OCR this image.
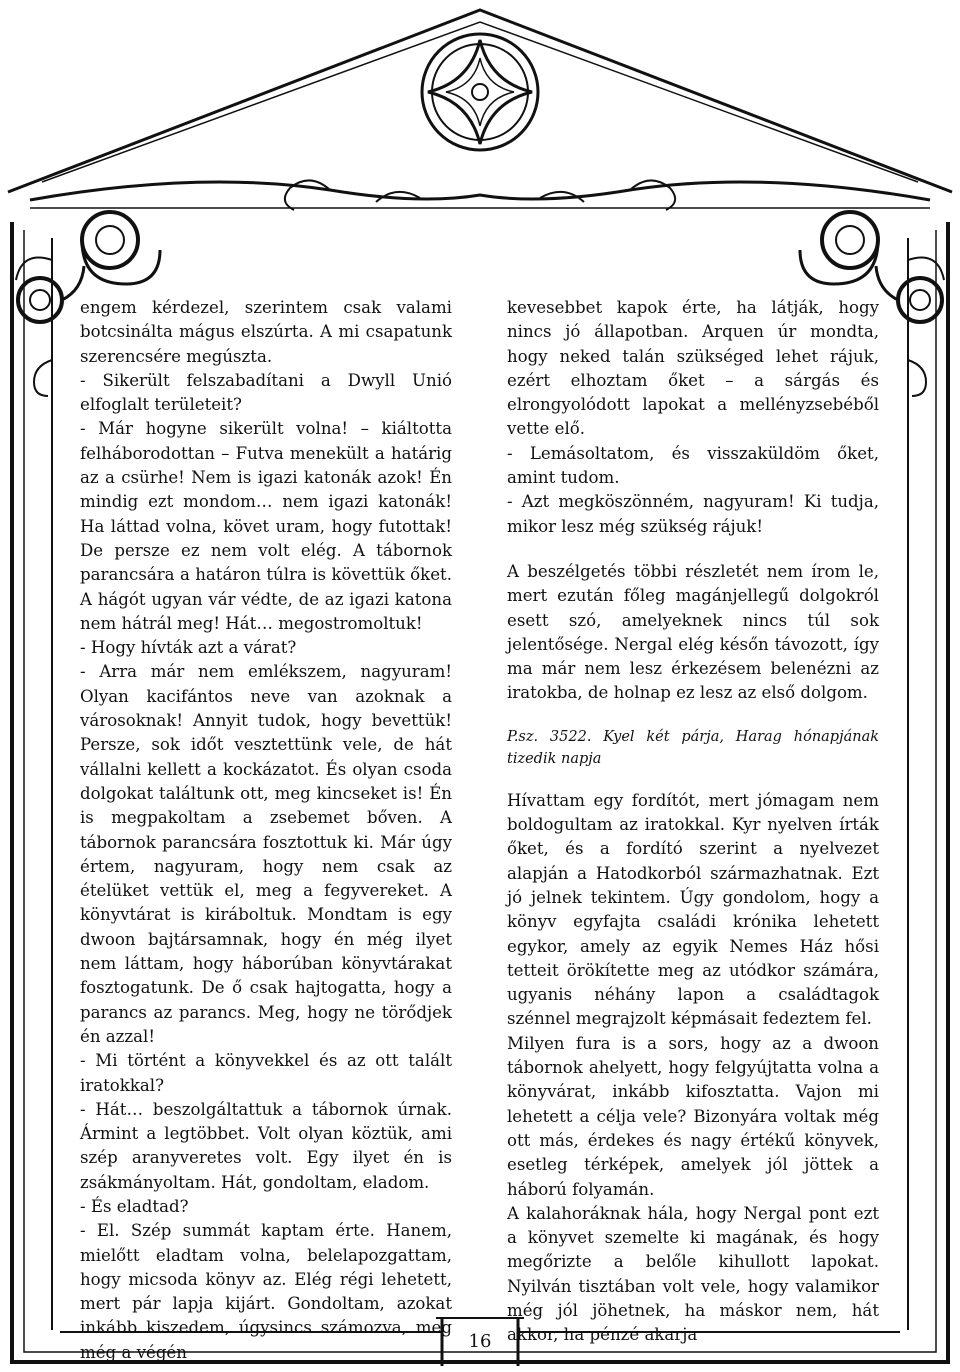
engem kérdezel, szerintem csak valami botcsinálta mágus elszúrta. A mi csapatunk szerencsére megúszta.

- Sikerült felszabadítani a Dwyll Unió elfoglalt területeit?

- Már hogyne sikerült volna! – kiáltotta felháborodottan – Futva menekült a határig az a csürhe! Nem is igazi katonák azok! Én mindig ezt mondom… nem igazi katonák! Ha láttad volna, követ uram, hogy futottak! De persze ez nem volt elég. A tábornok parancsára a határon túlra is követtük őket. A hágót ugyan vár védte, de az igazi katona nem hátrál meg! Hát… megostromoltuk!

- Hogy hívták azt a várat?

- Arra már nem emlékszem, nagyuram! Olyan kacifántos neve van azoknak a városoknak! Annyit tudok, hogy bevettük! Persze, sok időt vesztettünk vele, de hát vállalni kellett a kockázatot. És olyan csoda dolgokat találtunk ott, meg kincseket is! Én is megpakoltam a zsebemet bőven. A tábornok parancsára fosztottuk ki. Már úgy értem, nagyuram, hogy nem csak az ételüket vettük el, meg a fegyvereket. A könyvtárat is kiráboltuk. Mondtam is egy dwoon bajtársamnak, hogy én még ilyet nem láttam, hogy háborúban könyvtárakat fosztogatunk. De ő csak hajtogatta, hogy a parancs az parancs. Meg, hogy ne törődjek én azzal!

- Mi történt a könyvekkel és az ott talált iratokkal?

- Hát… beszolgáltattuk a tábornok úrnak. Ármint a legtöbbet. Volt olyan köztük, ami szép aranyveretes volt. Egy ilyet én is zsákmányoltam. Hát, gondoltam, eladom.

- És eladtad?

- El. Szép summát kaptam érte. Hanem, mielőtt eladtam volna, belelapozgattam, hogy micsoda könyv az. Elég régi lehetett, mert pár lapja kijárt. Gondoltam, azokat inkább kiszedem, úgysincs számozva, meg még a végén

kevesebbet kapok érte, ha látják, hogy nincs jó állapotban. Arquen úr mondta, hogy neked talán szükséged lehet rájuk, ezért elhoztam őket – a sárgás és elrongyolódott lapokat a mellényzsebéből vette elő.

- Lemásoltatom, és visszaküldöm őket, amint tudom.

- Azt megköszönném, nagyuram! Ki tudja, mikor lesz még szükség rájuk!

A beszélgetés többi részletét nem írom le, mert ezután főleg magánjellegű dolgokról esett szó, amelyeknek nincs túl sok jelentősége. Nergal elég későn távozott, így ma már nem lesz érkezésem belenézni az iratokba, de holnap ez lesz az első dolgom.

P.sz. 3522. Kyel két párja, Harag hónapjának tizedik napja

Hívattam egy fordítót, mert jómagam nem boldogultam az iratokkal. Kyr nyelven írták őket, és a fordító szerint a nyelvezet alapján a Hatodkorból származhatnak. Ezt jó jelnek tekintem. Úgy gondolom, hogy a könyv egyfajta családi krónika lehetett egykor, amely az egyik Nemes Ház hősi tetteit örökítette meg az utódkor számára, ugyanis néhány lapon a családtagok szénnel megrajzolt képmásait fedeztem fel.

Milyen fura is a sors, hogy az a dwoon tábornok ahelyett, hogy felgyújtatta volna a könyvárat, inkább kifosztatta. Vajon mi lehetett a célja vele? Bizonyára voltak még ott más, érdekes és nagy értékű könyvek, esetleg térképek, amelyek jól jöttek a háború folyamán.

A kalahoráknak hála, hogy Nergal pont ezt a könyvet szemelte ki magának, és hogy megőrizte a belőle kihullott lapokat. Nyilván tisztában volt vele, hogy valamikor még jól jöhetnek, ha máskor nem, hát akkor, ha pénzé akarja

16
